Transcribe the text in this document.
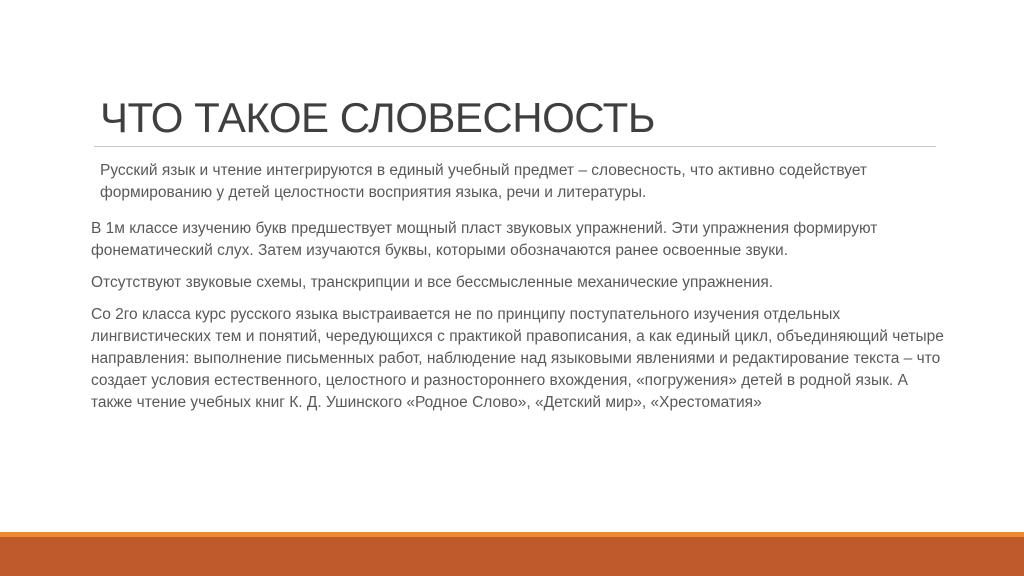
ЧТО ТАКОЕ СЛОВЕСНОСТЬ
Русский язык и чтение интегрируются в единый учебный предмет – словесность, что активно содействует формированию у детей целостности восприятия языка, речи и литературы.

В 1м классе изучению букв предшествует мощный пласт звуковых упражнений. Эти упражнения формируют фонематический слух. Затем изучаются буквы, которыми обозначаются ранее освоенные звуки.

Отсутствуют звуковые схемы, транскрипции и все бессмысленные механические упражнения.

Со 2го класса курс русского языка выстраивается не по принципу поступательного изучения отдельных лингвистических тем и понятий, чередующихся с практикой правописания, а как единый цикл, объединяющий четыре направления: выполнение письменных работ, наблюдение над языковыми явлениями и редактирование текста – что создает условия естественного, целостного и разностороннего вхождения, «погружения» детей в родной язык. А также чтение учебных книг К. Д. Ушинского «Родное Слово», «Детский мир», «Хрестоматия»
